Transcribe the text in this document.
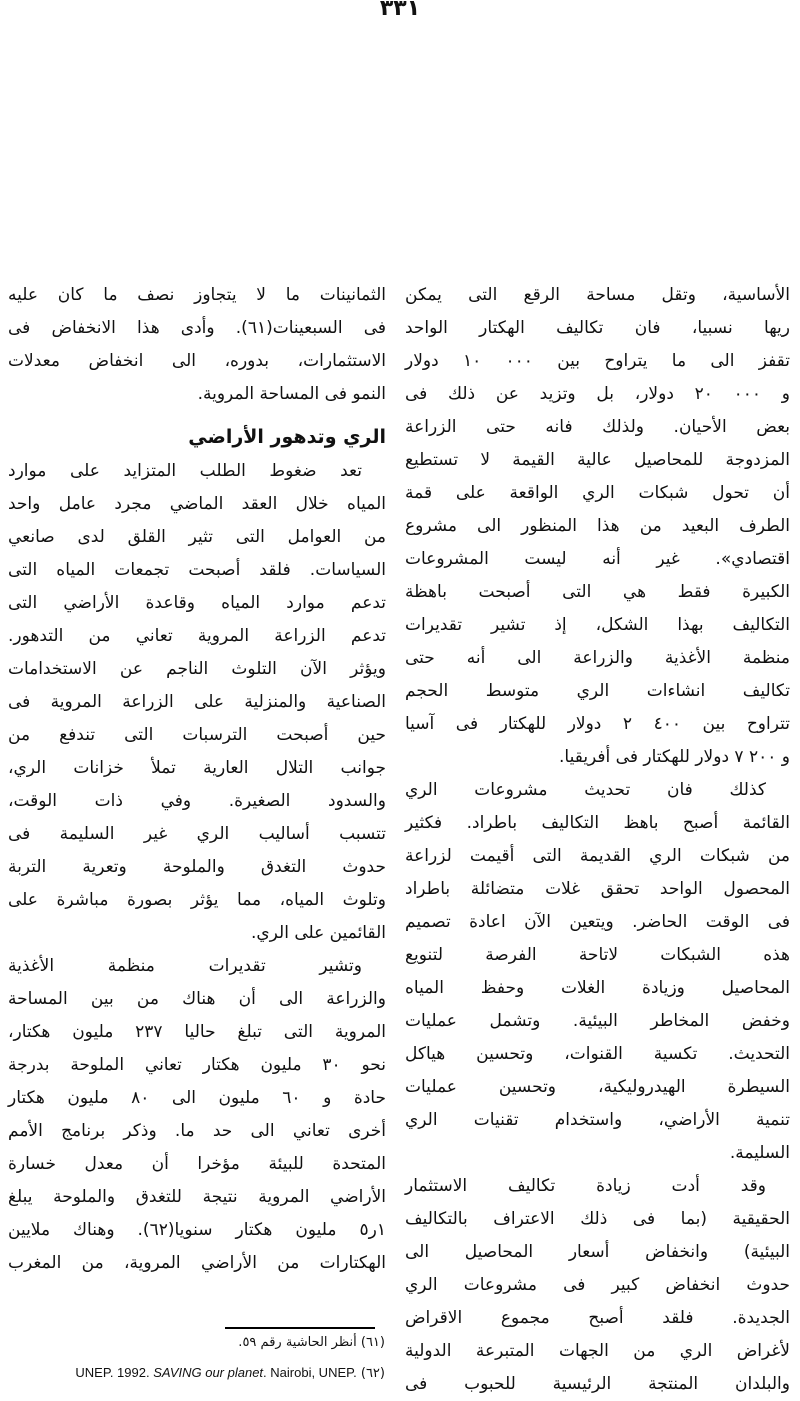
٣٣١
الأساسية، وتقل مساحة الرقع التى يمكن
ريها نسبيا، فان تكاليف الهكتار الواحد
تقفز الى ما يتراوح بين ٠٠٠ ١٠ دولار
و ٠٠٠ ٢٠ دولار، بل وتزيد عن ذلك فى
بعض الأحيان. ولذلك فانه حتى الزراعة
المزدوجة للمحاصيل عالية القيمة لا تستطيع
أن تحول شبكات الري الواقعة على قمة
الطرف البعيد من هذا المنظور الى مشروع
اقتصادي». غير أنه ليست المشروعات
الكبيرة فقط هي التى أصبحت باهظة
التكاليف بهذا الشكل، إذ تشير تقديرات
منظمة الأغذية والزراعة الى أنه حتى
تكاليف انشاءات الري متوسط الحجم
تتراوح بين ٤٠٠ ٢ دولار للهكتار فى آسيا
و ٢٠٠ ٧ دولار للهكتار فى أفريقيا.
كذلك فان تحديث مشروعات الري
القائمة أصبح باهظ التكاليف باطراد. فكثير
من شبكات الري القديمة التى أقيمت لزراعة
المحصول الواحد تحقق غلات متضائلة باطراد
فى الوقت الحاضر. ويتعين الآن اعادة تصميم
هذه الشبكات لاتاحة الفرصة لتنويع
المحاصيل وزيادة الغلات وحفظ المياه
وخفض المخاطر البيئية. وتشمل عمليات
التحديث. تكسية القنوات، وتحسين هياكل
السيطرة الهيدروليكية، وتحسين عمليات
تنمية الأراضي، واستخدام تقنيات الري
السليمة.
وقد أدت زيادة تكاليف الاستثمار
الحقيقية (بما فى ذلك الاعتراف بالتكاليف
البيئية) وانخفاض أسعار المحاصيل الى
حدوث انخفاض كبير فى مشروعات الري
الجديدة. فلقد أصبح مجموع الاقراض
لأغراض الري من الجهات المتبرعة الدولية
والبلدان المنتجة الرئيسية للحبوب فى
الثمانينات ما لا يتجاوز نصف ما كان عليه
فى السبعينات(٦١). وأدى هذا الانخفاض فى
الاستثمارات، بدوره، الى انخفاض معدلات
النمو فى المساحة المروية.
الري وتدهور الأراضي
تعد ضغوط الطلب المتزايد على موارد
المياه خلال العقد الماضي مجرد عامل واحد
من العوامل التى تثير القلق لدى صانعي
السياسات. فلقد أصبحت تجمعات المياه التى
تدعم موارد المياه وقاعدة الأراضي التى
تدعم الزراعة المروية تعاني من التدهور.
ويؤثر الآن التلوث الناجم عن الاستخدامات
الصناعية والمنزلية على الزراعة المروية فى
حين أصبحت الترسبات التى تندفع من
جوانب التلال العارية تملأ خزانات الري،
والسدود الصغيرة. وفي ذات الوقت،
تتسبب أساليب الري غير السليمة فى
حدوث التغدق والملوحة وتعرية التربة
وتلوث المياه، مما يؤثر بصورة مباشرة على
القائمين على الري.
وتشير تقديرات منظمة الأغذية
والزراعة الى أن هناك من بين المساحة
المروية التى تبلغ حاليا ٢٣٧ مليون هكتار،
نحو ٣٠ مليون هكتار تعاني الملوحة بدرجة
حادة و ٦٠ مليون الى ٨٠ مليون هكتار
أخرى تعاني الى حد ما. وذكر برنامج الأمم
المتحدة للبيئة مؤخرا أن معدل خسارة
الأراضي المروية نتيجة للتغدق والملوحة يبلغ
١ر٥ مليون هكتار سنويا(٦٢). وهناك ملايين
الهكتارات من الأراضي المروية، من المغرب
(٦١) أنظر الحاشية رقم ٥٩.
(٦٢) UNEP. 1992. SAVING our planet. Nairobi, UNEP.
